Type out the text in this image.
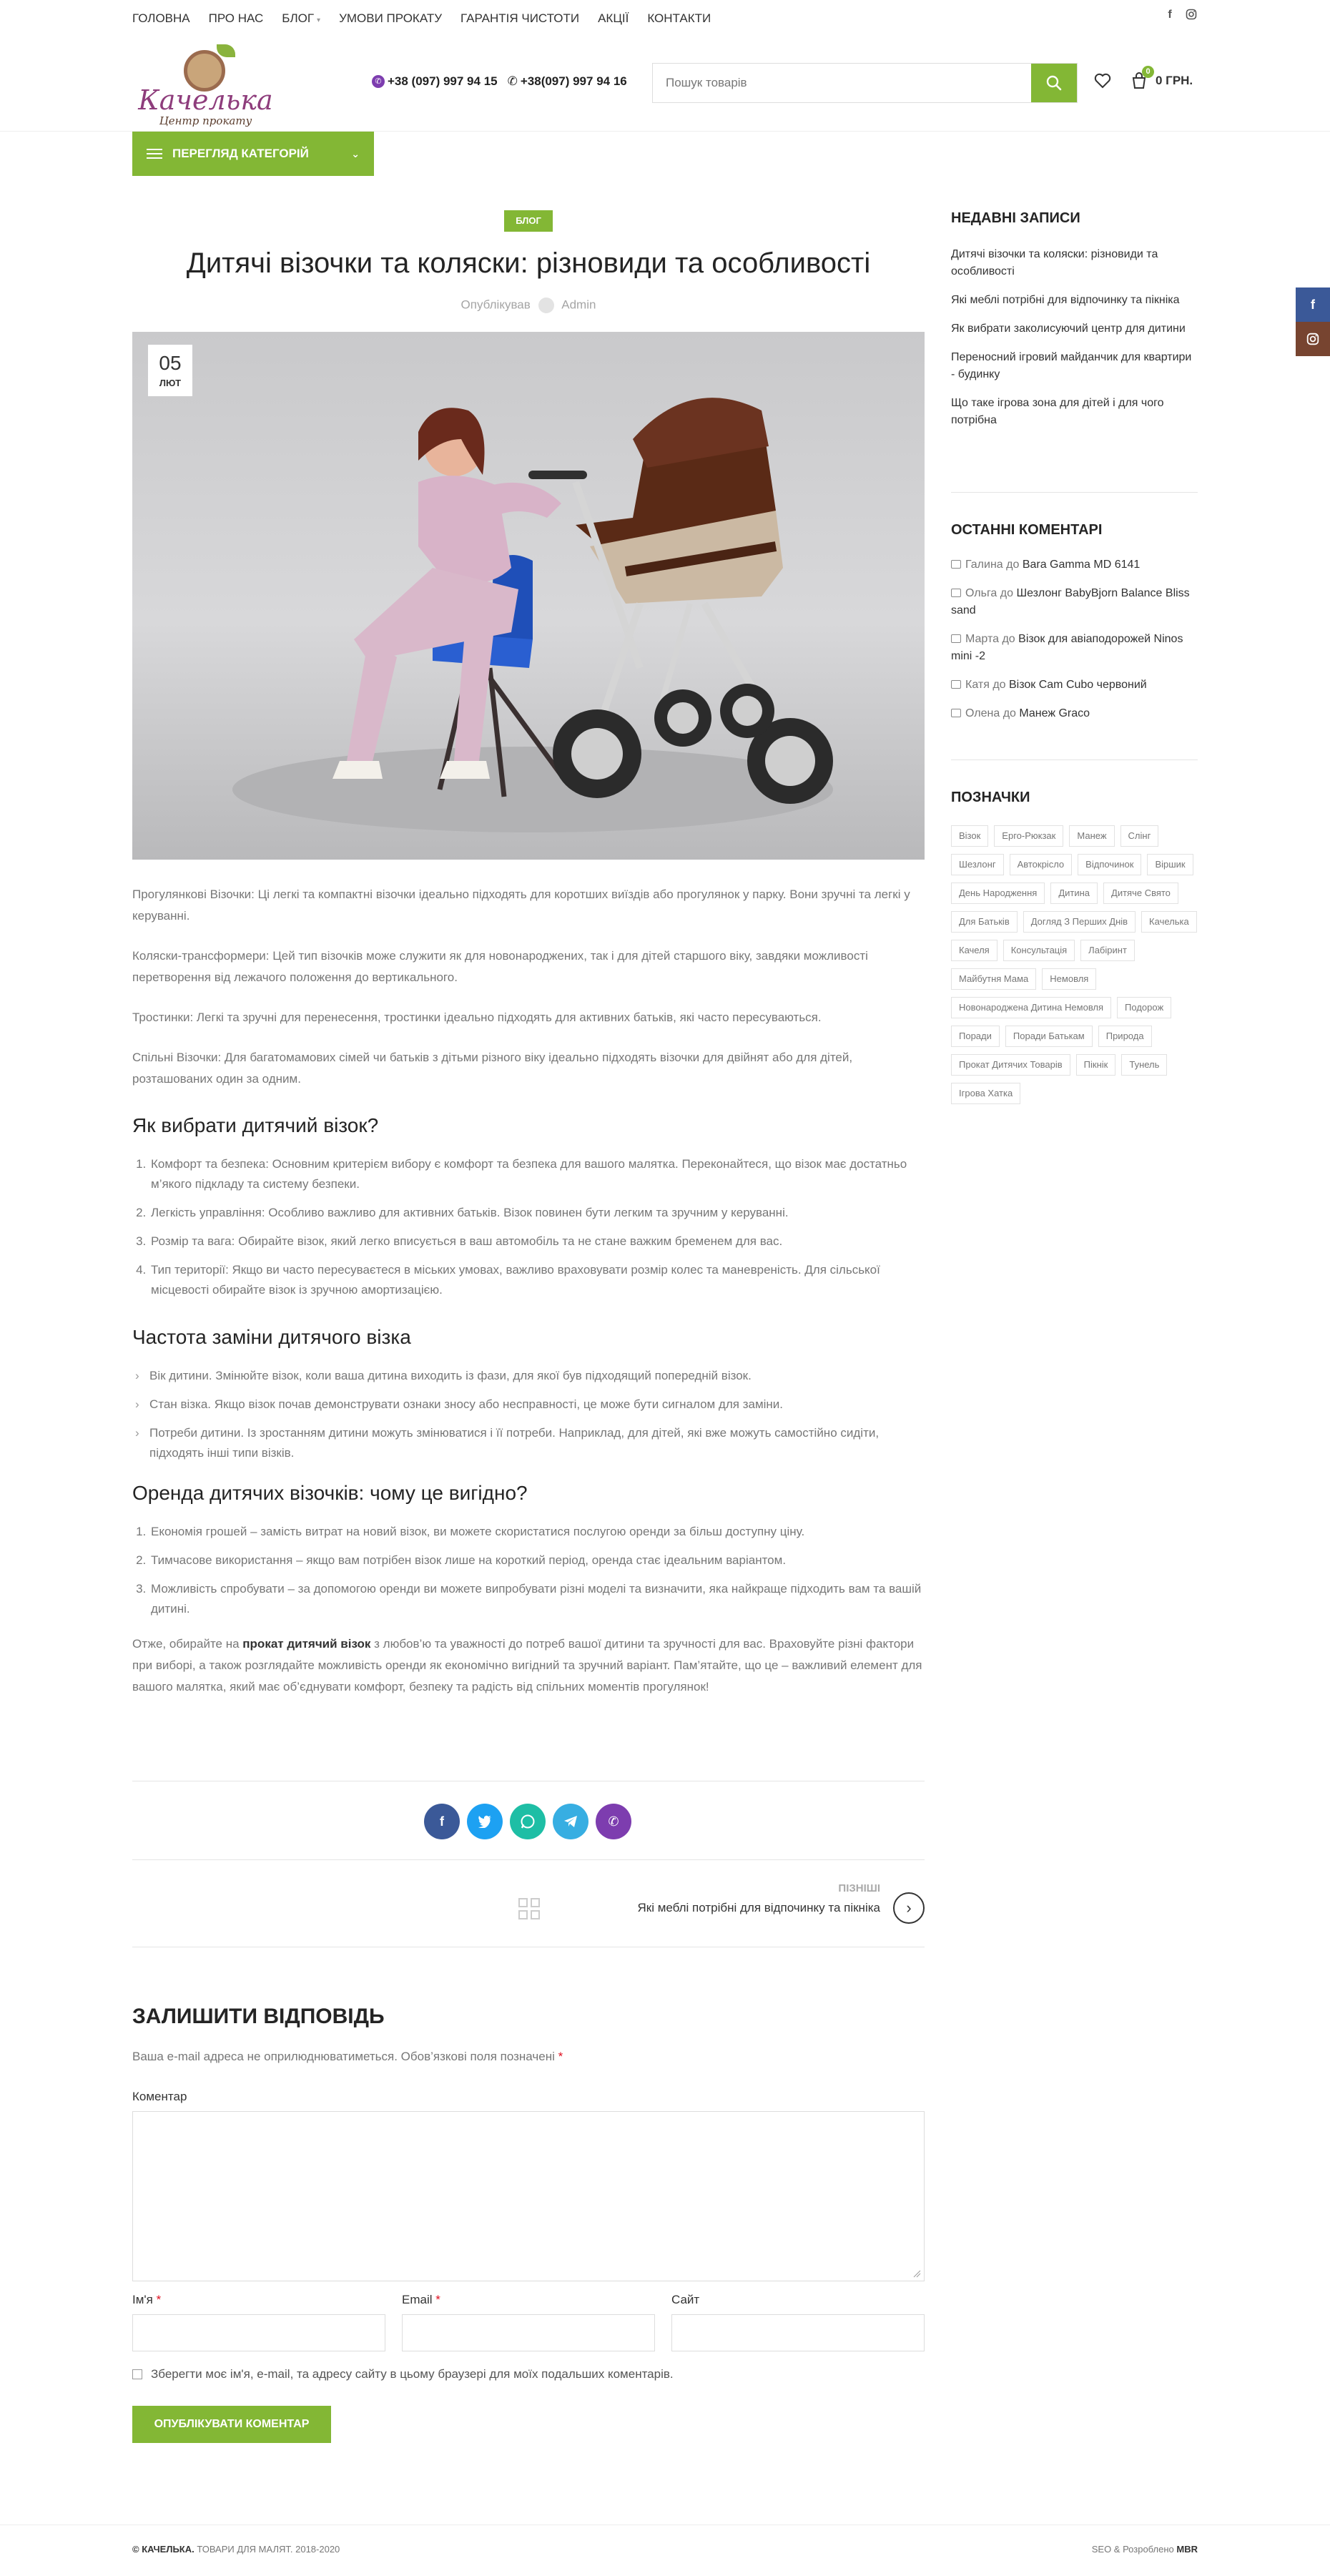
ГОЛОВНА ПРО НАС БЛОГ ▾ УМОВИ ПРОКАТУ ГАРАНТІЯ ЧИСТОТИ АКЦІЇ КОНТАКТИ	f
Качелька
Центр прокату
✆ +38 (097) 997 94 15 ✆ +38(097) 997 94 16	Пошук товарів
0
0 ГРН.
ПЕРЕГЛЯД КАТЕГОРІЙ	⌄
f
БЛОГ
Дитячі візочки та коляски: різновиди та особливості
Опублікував	Admin
05
ЛЮТ

Прогулянкові Візочки: Ці легкі та компактні візочки ідеально підходять для коротших виїздів або прогулянок у парку. Вони зручні та легкі у керуванні.

Коляски-трансформери: Цей тип візочків може служити як для новонароджених, так і для дітей старшого віку, завдяки можливості перетворення від лежачого положення до вертикального.

Тростинки: Легкі та зручні для перенесення, тростинки ідеально підходять для активних батьків, які часто пересуваються.

Спільні Візочки: Для багатомамових сімей чи батьків з дітьми різного віку ідеально підходять візочки для двійнят або для дітей, розташованих один за одним.

Як вибрати дитячий візок?
1. Комфорт та безпека: Основним критерієм вибору є комфорт та безпека для вашого малятка. Переконайтеся, що візок має достатньо м’якого підкладу та систему безпеки.
2. Легкість управління: Особливо важливо для активних батьків. Візок повинен бути легким та зручним у керуванні.
3. Розмір та вага: Обирайте візок, який легко вписується в ваш автомобіль та не стане важким бременем для вас.
4. Тип території: Якщо ви часто пересуваєтеся в міських умовах, важливо враховувати розмір колес та маневреність. Для сільської місцевості обирайте візок із зручною амортизацією.
Частота заміни дитячого візка
› Вік дитини. Змінюйте візок, коли ваша дитина виходить із фази, для якої був підходящий попередній візок.
› Стан візка. Якщо візок почав демонструвати ознаки зносу або несправності, це може бути сигналом для заміни.
› Потреби дитини. Із зростанням дитини можуть змінюватися і її потреби. Наприклад, для дітей, які вже можуть самостійно сидіти, підходять інші типи візків.
Оренда дитячих візочків: чому це вигідно?
1. Економія грошей – замість витрат на новий візок, ви можете скористатися послугою оренди за більш доступну ціну.
2. Тимчасове використання – якщо вам потрібен візок лише на короткий період, оренда стає ідеальним варіантом.
3. Можливість спробувати – за допомогою оренди ви можете випробувати різні моделі та визначити, яка найкраще підходить вам та вашій дитині.

Отже, обирайте на прокат дитячий візок з любов’ю та уважності до потреб вашої дитини та зручності для вас. Враховуйте різні фактори при виборі, а також розглядайте можливість оренди як економічно вигідний та зручний варіант. Пам’ятайте, що це – важливий елемент для вашого малятка, який має об’єднувати комфорт, безпеку та радість від спільних моментів прогулянок!

f	✆
ПІЗНІШІ
Які меблі потрібні для відпочинку та пікніка	›
ЗАЛИШИТИ ВІДПОВІДЬ

Ваша e-mail адреса не оприлюднюватиметься. Обов’язкові поля позначені *

Коментар
Ім'я *	Email *	Сайт
Зберегти моє ім'я, e-mail, та адресу сайту в цьому браузері для моїх подальших коментарів.
ОПУБЛІКУВАТИ КОМЕНТАР
НЕДАВНІ ЗАПИСИ
Дитячі візочки та коляски: різновиди та особливості
Які меблі потрібні для відпочинку та пікніка
Як вибрати заколисуючий центр для дитини
Переносний ігровий майданчик для квартири - будинку
Що таке ігрова зона для дітей і для чого потрібна
ОСТАННІ КОМЕНТАРІ
Галина до Bara Gamma MD 6141
Ольга до Шезлонг BabyBjorn Balance Bliss sand
Марта до Візок для авіаподорожей Ninos mini -2
Катя до Візок Cam Cubo червоний
Олена до Манеж Graco
ПОЗНАЧКИ
Візок	Ерго-Рюкзак	Манеж	Слінг
Шезлонг	Автокрісло	Відпочинок	Віршик
День Народження	Дитина	Дитяче Свято
Для Батьків	Догляд З Перших Днів	Качелька
Качеля	Консультація	Лабіринт
Майбутня Мама	Немовля
Новонароджена Дитина Немовля	Подорож
Поради	Поради Батькам	Природа
Прокат Дитячих Товарів	Пікнік	Тунель
Ігрова Хатка
© КАЧЕЛЬКА. ТОВАРИ ДЛЯ МАЛЯТ. 2018-2020	SEO & Розроблено MBR
